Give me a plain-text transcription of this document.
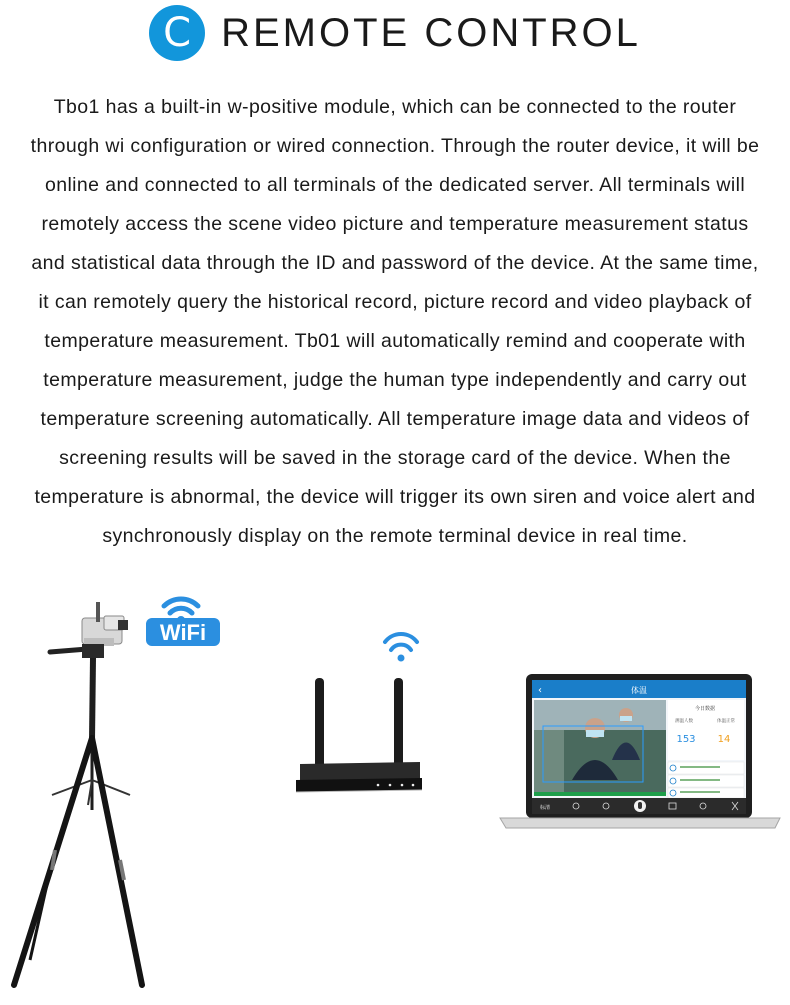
C REMOTE CONTROL
Tbo1 has a built-in w-positive module, which can be connected to the router through wi configuration or wired connection. Through the router device, it will be online and connected to all terminals of the dedicated server. All terminals will remotely access the scene video picture and temperature measurement status and statistical data through the ID and password of the device. At the same time, it can remotely query the historical record, picture record and video playback of temperature measurement. Tb01 will automatically remind and cooperate with temperature measurement, judge the human type independently and carry out temperature screening automatically. All temperature image data and videos of screening results will be saved in the storage card of the device. When the temperature is abnormal, the device will trigger its own siren and voice alert and synchronously display on the remote terminal device in real time.
WiFi
‹	体温
今日数据
测温人数	体温正常
153 14
标清
